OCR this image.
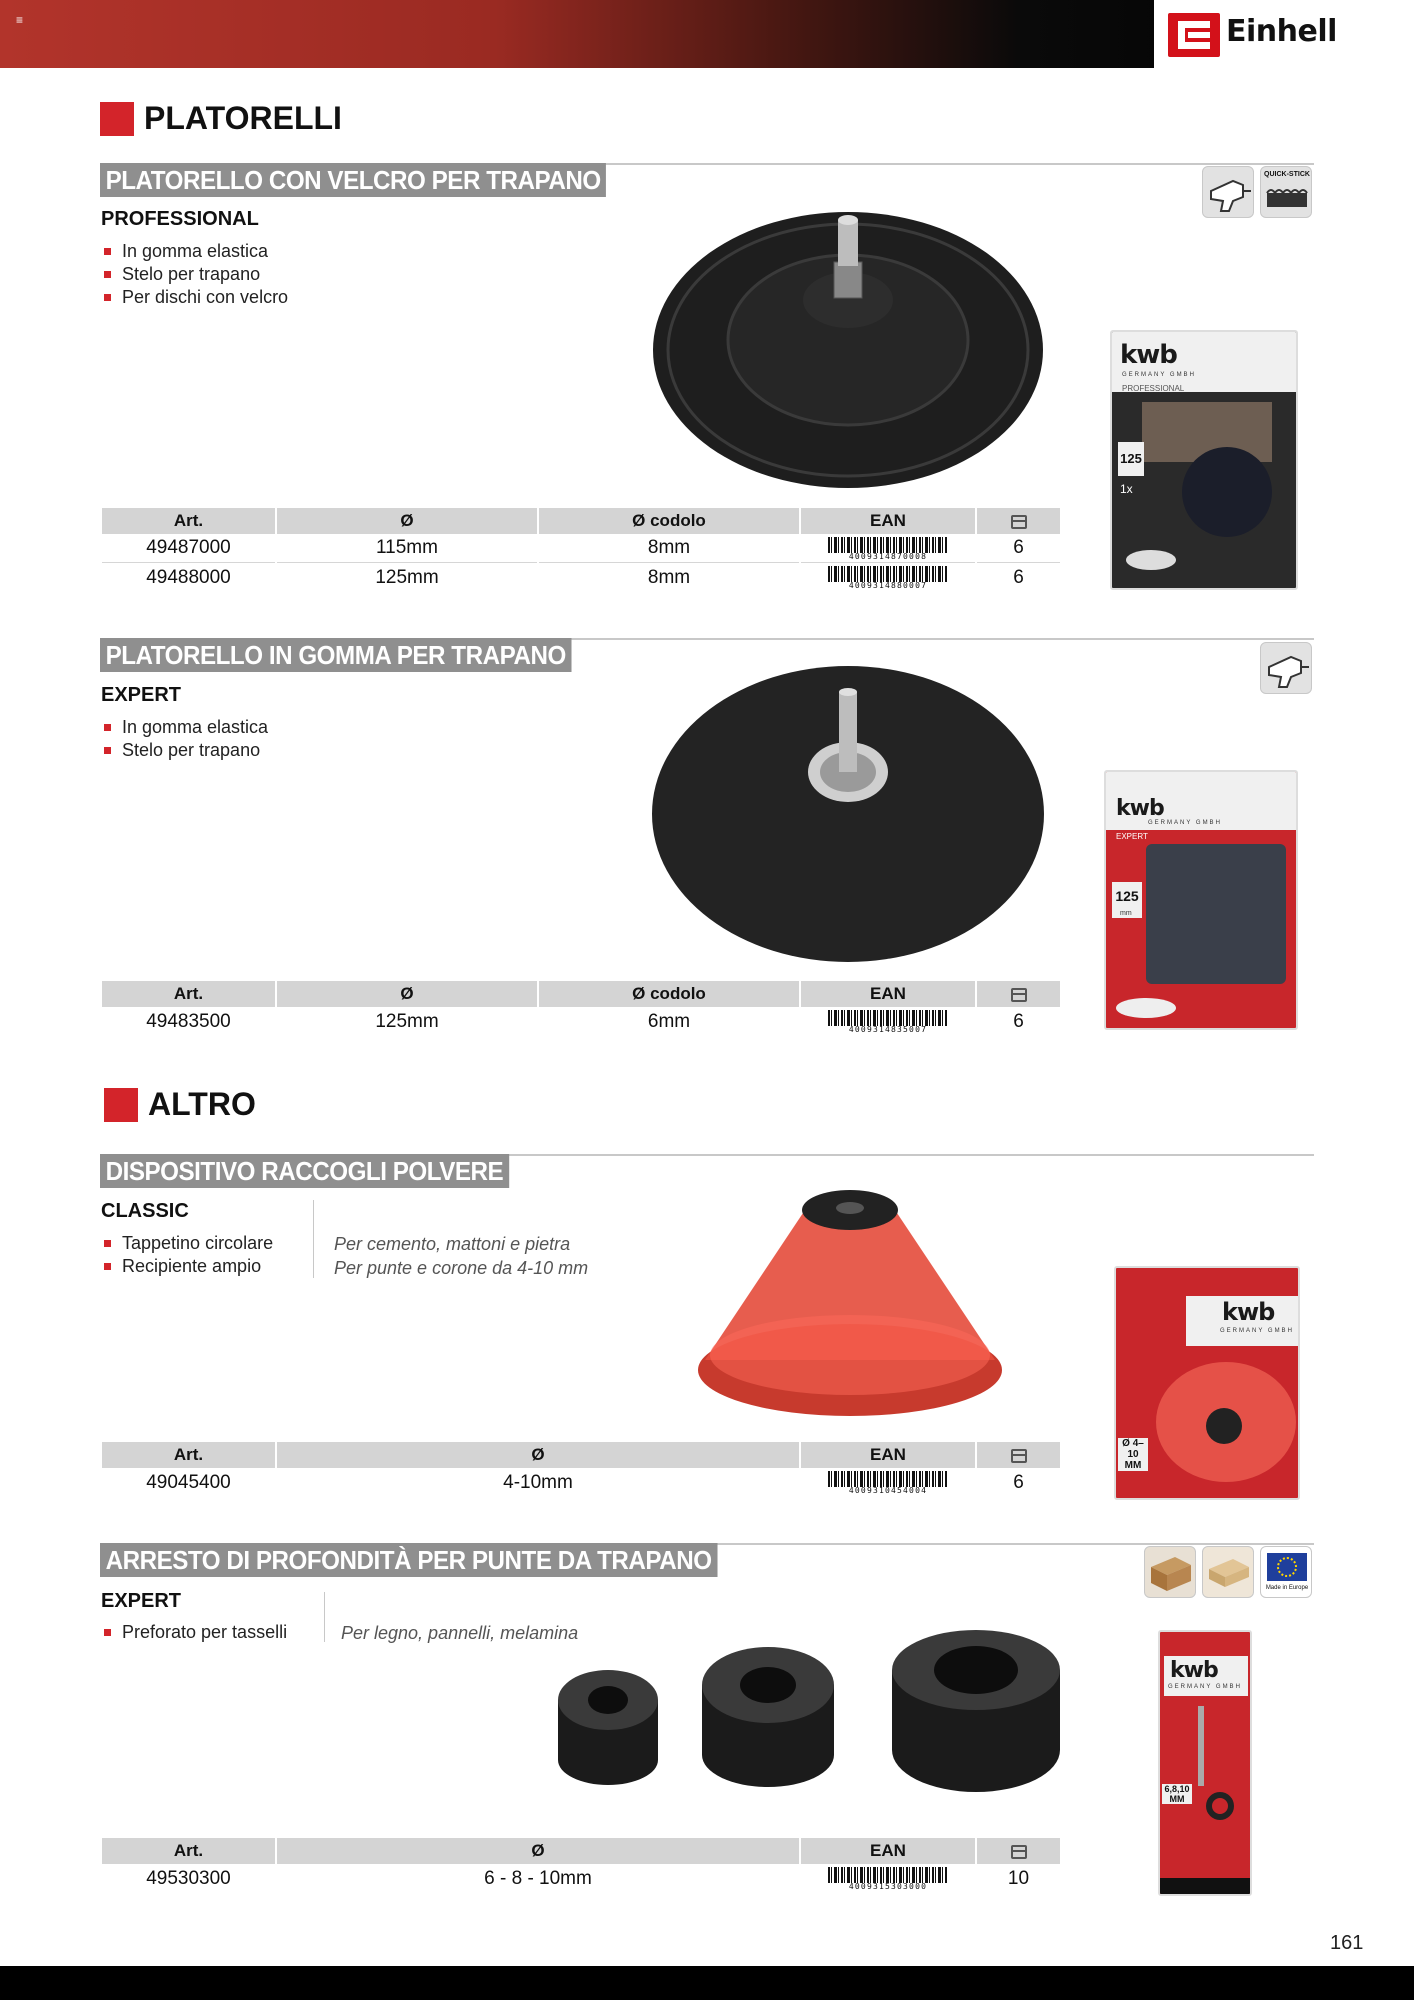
≡	Einhell
PLATORELLI
PLATORELLO CON VELCRO PER TRAPANO
PROFESSIONAL
In gomma elastica
Stelo per trapano
Per dischi con velcro
QUICK-STICK
kwb
GERMANY GMBH
PROFESSIONAL
125
1x
Art.	Ø	Ø codolo	EAN	
49487000	115mm	8mm	4009314870008	6
49488000	125mm	8mm	4009314880007	6
PLATORELLO IN GOMMA PER TRAPANO
EXPERT
In gomma elastica
Stelo per trapano
kwb
GERMANY GMBH
EXPERT
125
mm
Art.	Ø	Ø codolo	EAN	
49483500	125mm	6mm	4009314835007	6
ALTRO
DISPOSITIVO RACCOGLI POLVERE
CLASSIC
Tappetino circolare
Recipiente ampio
Per cemento, mattoni e pietra
Per punte e corone da 4-10 mm
kwb
GERMANY GMBH
Ø 4–10 MM
Art.	Ø	EAN	
49045400	4-10mm	4009310454004	6
ARRESTO DI PROFONDITÀ PER PUNTE DA TRAPANO
EXPERT
Preforato per tasselli	Per legno, pannelli, melamina
Made in Europe
kwb
GERMANY GMBH
6,8,10 MM
Art.	Ø	EAN	
49530300	6 - 8 - 10mm	4009315303000	10
161
